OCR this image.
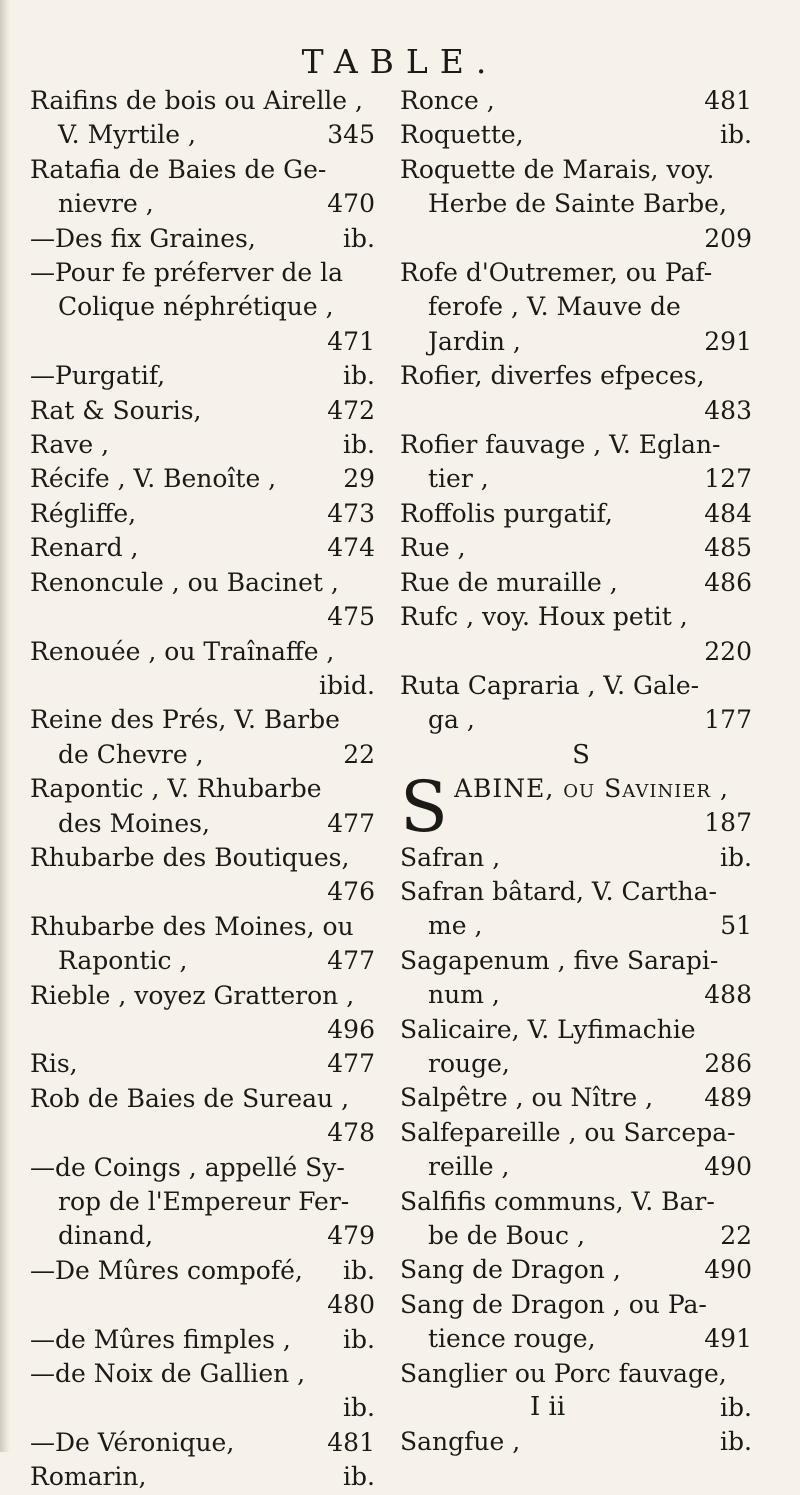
TABLE.
Raifins de bois ou Airelle ,
V. Myrtile ,	345
Ratafia de Baies de Ge-
nievre ,	470
—Des fix Graines,	ib.
—Pour fe préferver de la
Colique néphrétique ,
471
—Purgatif,	ib.
Rat & Souris,	472
Rave ,	ib.
Récife , V. Benoîte ,	29
Régliffe,	473
Renard ,	474
Renoncule , ou Bacinet ,
475
Renouée , ou Traînaffe ,
ibid.
Reine des Prés, V. Barbe
de Chevre ,	22
Rapontic , V. Rhubarbe
des Moines,	477
Rhubarbe des Boutiques,
476
Rhubarbe des Moines, ou
Rapontic ,	477
Rieble , voyez Gratteron ,
496
Ris,	477
Rob de Baies de Sureau ,
478
—de Coings , appellé Sy-
rop de l'Empereur Fer-
dinand,	479
—De Mûres compofé, ib.
480
—de Mûres fimples , ib.
—de Noix de Gallien ,
ib.
—De Véronique,	481
Romarin,	ib.
Ronce ,	481
Roquette,	ib.
Roquette de Marais, voy.
Herbe de Sainte Barbe,
209
Rofe d'Outremer, ou Paf-
ferofe , V. Mauve de
Jardin ,	291
Rofier, diverfes efpeces,
483
Rofier fauvage , V. Eglan-
tier ,	127
Roffolis purgatif,	484
Rue ,	485
Rue de muraille ,	486
Rufc , voy. Houx petit ,
220
Ruta Capraria , V. Gale-
ga ,	177
S
S ABINE, ou Savinier ,
187
Safran ,	ib.
Safran bâtard, V. Cartha-
me ,	51
Sagapenum , five Sarapi-
num ,	488
Salicaire, V. Lyfimachie
rouge,	286
Salpêtre , ou Nître , 489
Salfepareille , ou Sarcepa-
reille ,	490
Salfifis communs, V. Bar-
be de Bouc ,	22
Sang de Dragon ,	490
Sang de Dragon , ou Pa-
tience rouge,	491
Sanglier ou Porc fauvage,
ib.
Sangfue ,	ib.
I ii
